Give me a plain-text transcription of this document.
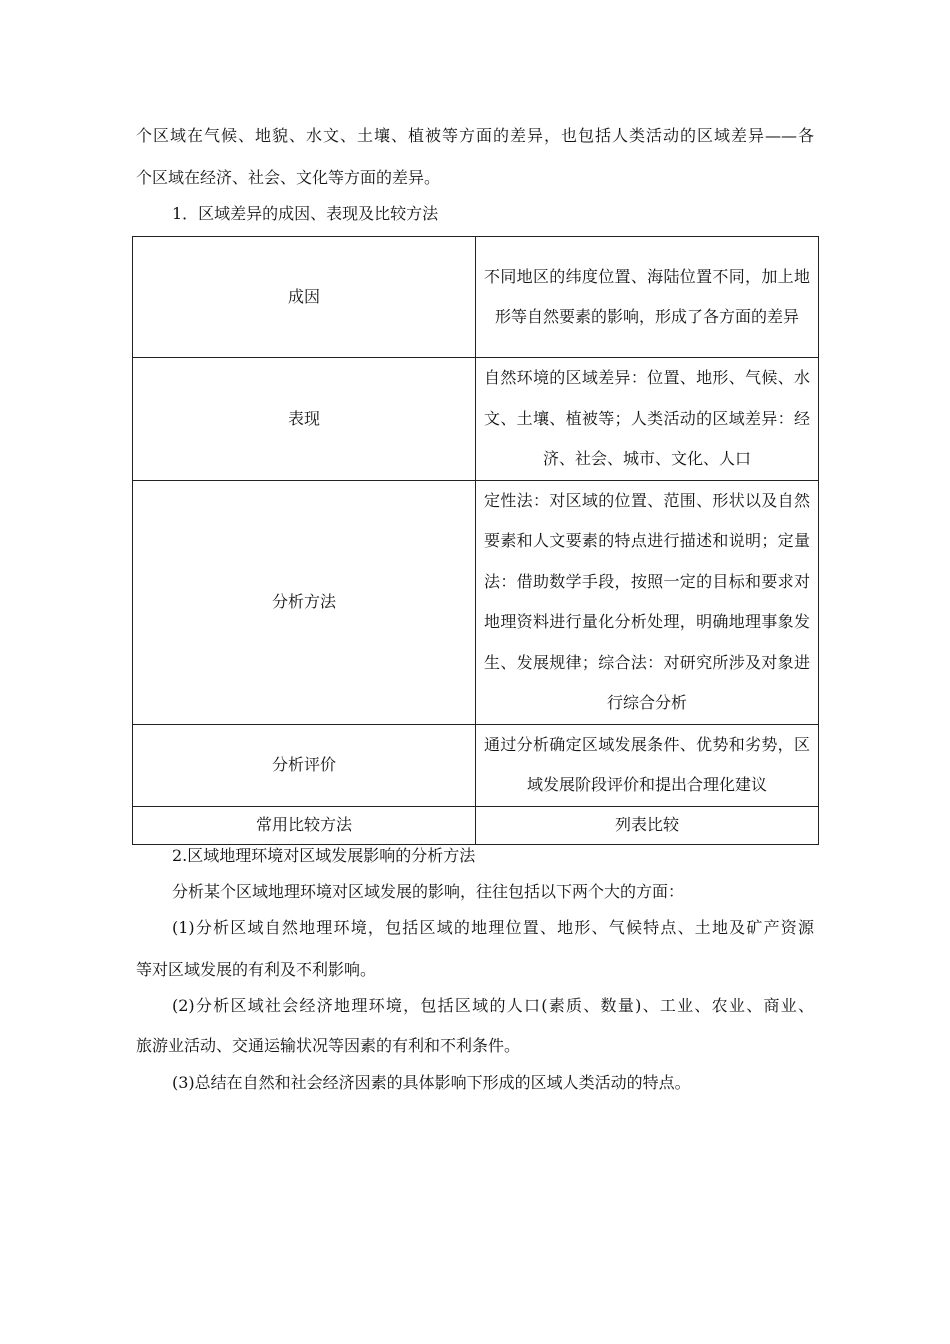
个区域在气候、地貌、水文、土壤、植被等方面的差异，也包括人类活动的区域差异——各
个区域在经济、社会、文化等方面的差异。
1．区域差异的成因、表现及比较方法
成因	不同地区的纬度位置、海陆位置不同，加上地形等自然要素的影响，形成了各方面的差异

表现	自然环境的区域差异：位置、地形、气候、水文、土壤、植被等；人类活动的区域差异：经济、社会、城市、文化、人口

分析方法	定性法：对区域的位置、范围、形状以及自然要素和人文要素的特点进行描述和说明；定量法：借助数学手段，按照一定的目标和要求对地理资料进行量化分析处理，明确地理事象发生、发展规律；综合法：对研究所涉及对象进行综合分析

分析评价	通过分析确定区域发展条件、优势和劣势，区域发展阶段评价和提出合理化建议

常用比较方法	列表比较
2.区域地理环境对区域发展影响的分析方法
分析某个区域地理环境对区域发展的影响，往往包括以下两个大的方面：
(1)分析区域自然地理环境，包括区域的地理位置、地形、气候特点、土地及矿产资源
等对区域发展的有利及不利影响。
(2)分析区域社会经济地理环境，包括区域的人口(素质、数量)、工业、农业、商业、
旅游业活动、交通运输状况等因素的有利和不利条件。
(3)总结在自然和社会经济因素的具体影响下形成的区域人类活动的特点。
